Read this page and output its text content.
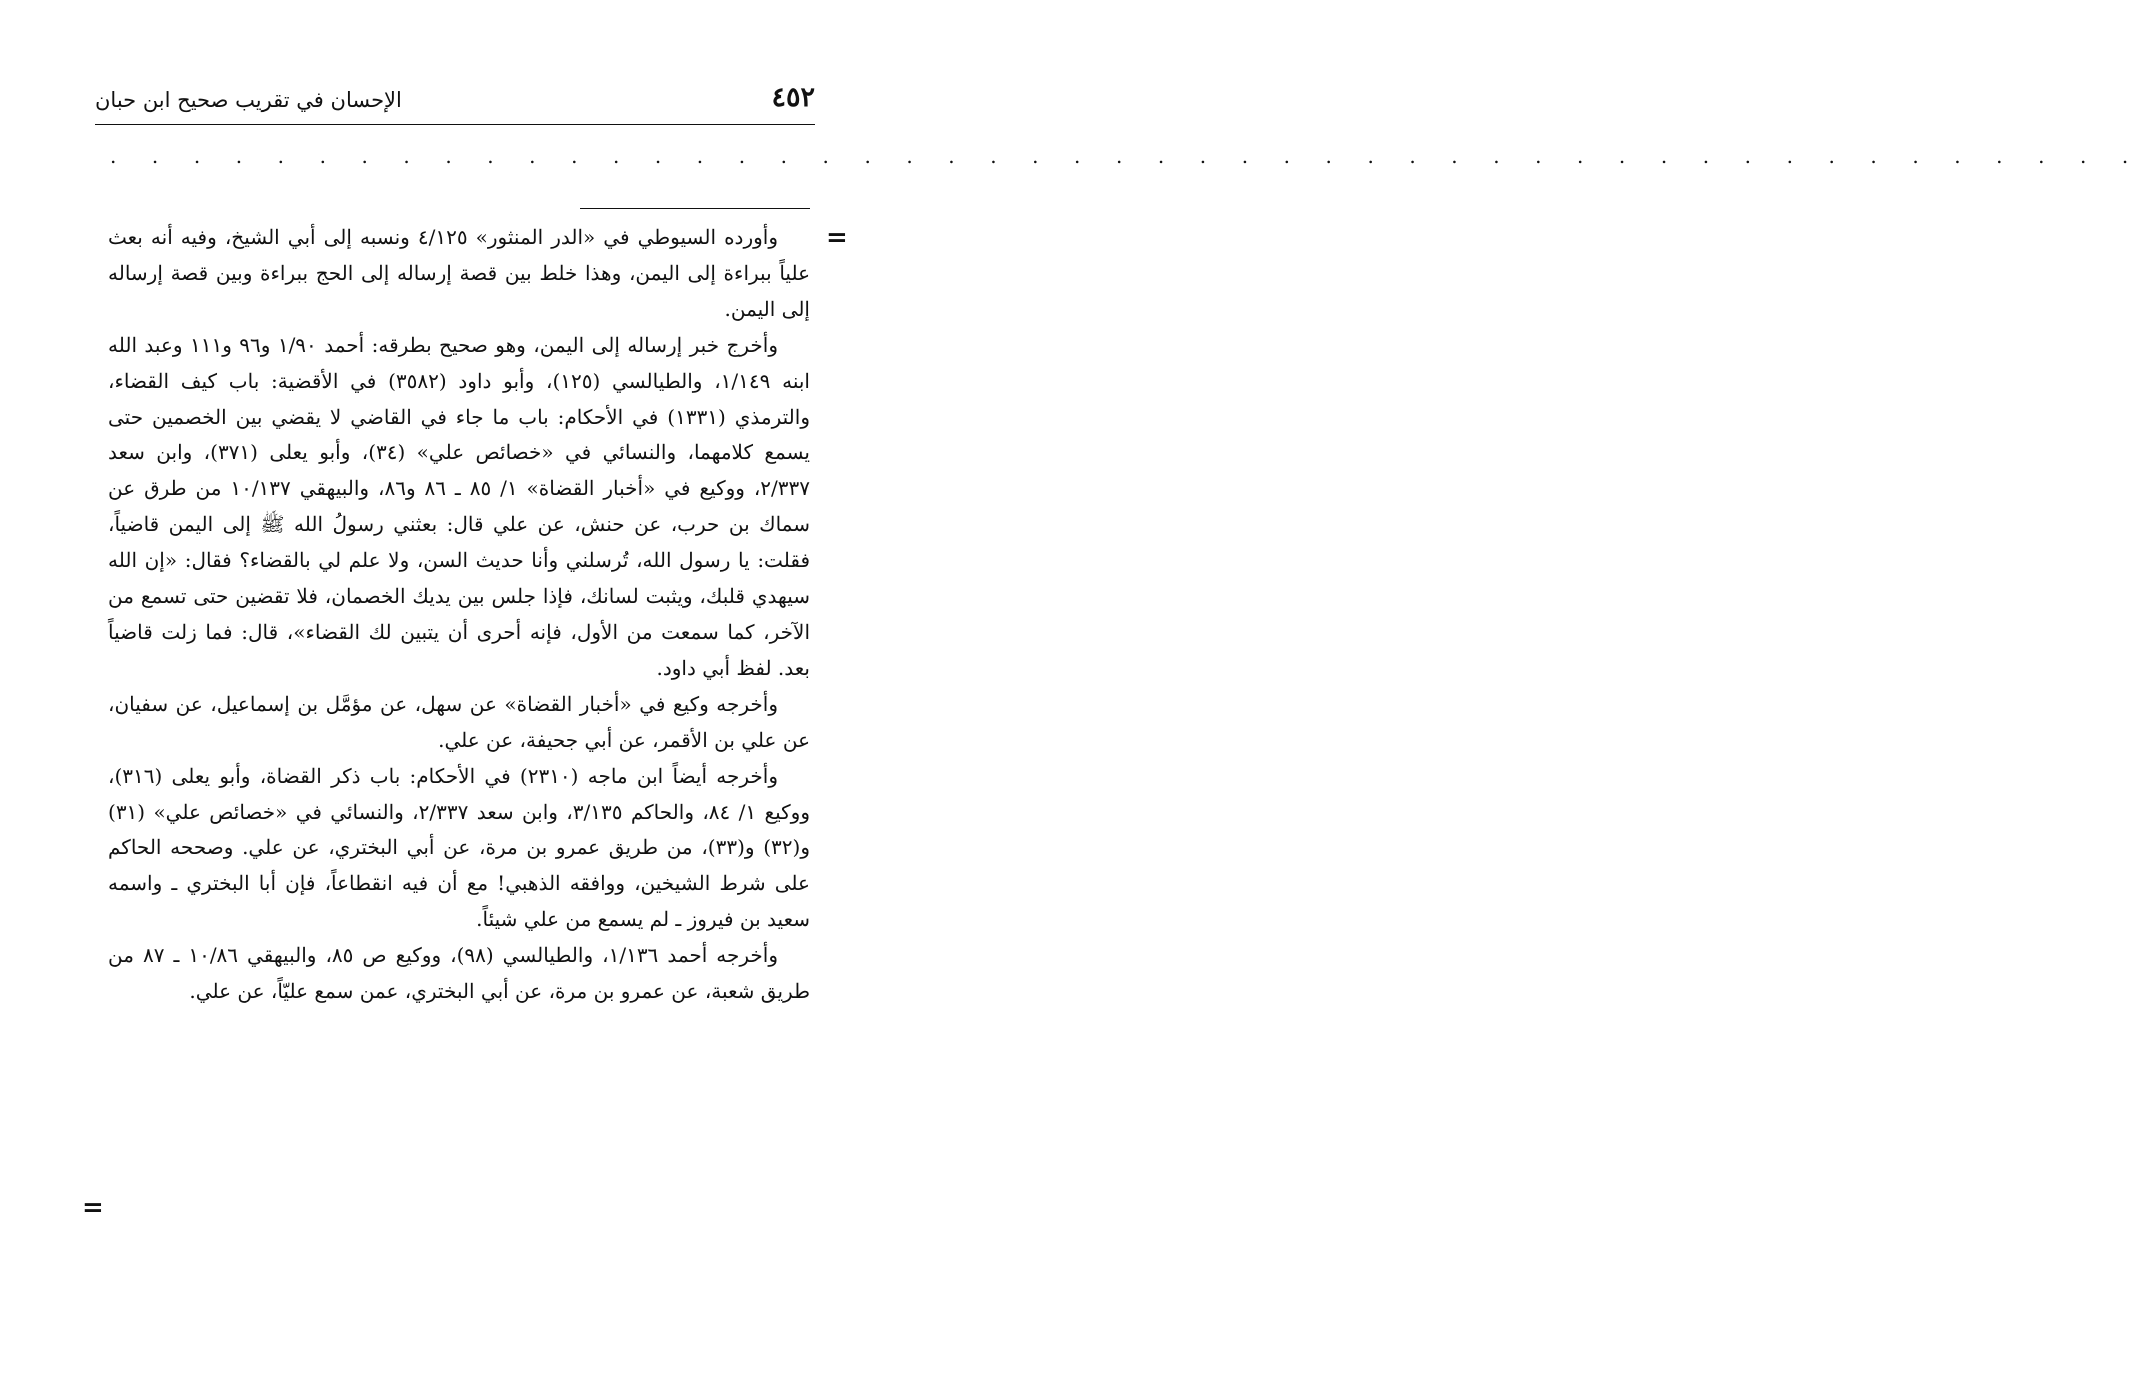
٤٥٢
الإحسان في تقريب صحيح ابن حبان
. . . . . . . . . . . . . . . . . . . . . . . . . . . . . . . . . . . . . . . . . . . . . . . . .
=
=

وأورده السيوطي في «الدر المنثور» ٤/١٢٥ ونسبه إلى أبي الشيخ، وفيه أنه بعث علياً ببراءة إلى اليمن، وهذا خلط بين قصة إرساله إلى الحج ببراءة وبين قصة إرساله إلى اليمن.

وأخرج خبر إرساله إلى اليمن، وهو صحيح بطرقه: أحمد ١/٩٠ و٩٦ و١١١ وعبد الله ابنه ١/١٤٩، والطيالسي (١٢٥)، وأبو داود (٣٥٨٢) في الأقضية: باب كيف القضاء، والترمذي (١٣٣١) في الأحكام: باب ما جاء في القاضي لا يقضي بين الخصمين حتى يسمع كلامهما، والنسائي في «خصائص علي» (٣٤)، وأبو يعلى (٣٧١)، وابن سعد ٢/٣٣٧، ووكيع في «أخبار القضاة» ١/ ٨٥ ـ ٨٦ و٨٦، والبيهقي ١٠/١٣٧ من طرق عن سماك بن حرب، عن حنش، عن علي قال: بعثني رسولُ الله ﷺ إلى اليمن قاضياً، فقلت: يا رسول الله، تُرسلني وأنا حديث السن، ولا علم لي بالقضاء؟ فقال: «إن الله سيهدي قلبك، ويثبت لسانك، فإذا جلس بين يديك الخصمان، فلا تقضين حتى تسمع من الآخر، كما سمعت من الأول، فإنه أحرى أن يتبين لك القضاء»، قال: فما زلت قاضياً بعد. لفظ أبي داود.

وأخرجه وكيع في «أخبار القضاة» عن سهل، عن مؤمَّل بن إسماعيل، عن سفيان، عن علي بن الأقمر، عن أبي جحيفة، عن علي.

وأخرجه أيضاً ابن ماجه (٢٣١٠) في الأحكام: باب ذكر القضاة، وأبو يعلى (٣١٦)، ووكيع ١/ ٨٤، والحاكم ٣/١٣٥، وابن سعد ٢/٣٣٧، والنسائي في «خصائص علي» (٣١) و(٣٢) و(٣٣)، من طريق عمرو بن مرة، عن أبي البختري، عن علي. وصححه الحاكم على شرط الشيخين، ووافقه الذهبي! مع أن فيه انقطاعاً، فإن أبا البختري ـ واسمه سعيد بن فيروز ـ لم يسمع من علي شيئاً.

وأخرجه أحمد ١/١٣٦، والطيالسي (٩٨)، ووكيع ص ٨٥، والبيهقي ١٠/٨٦ ـ ٨٧ من طريق شعبة، عن عمرو بن مرة، عن أبي البختري، عمن سمع عليّاً، عن علي.
